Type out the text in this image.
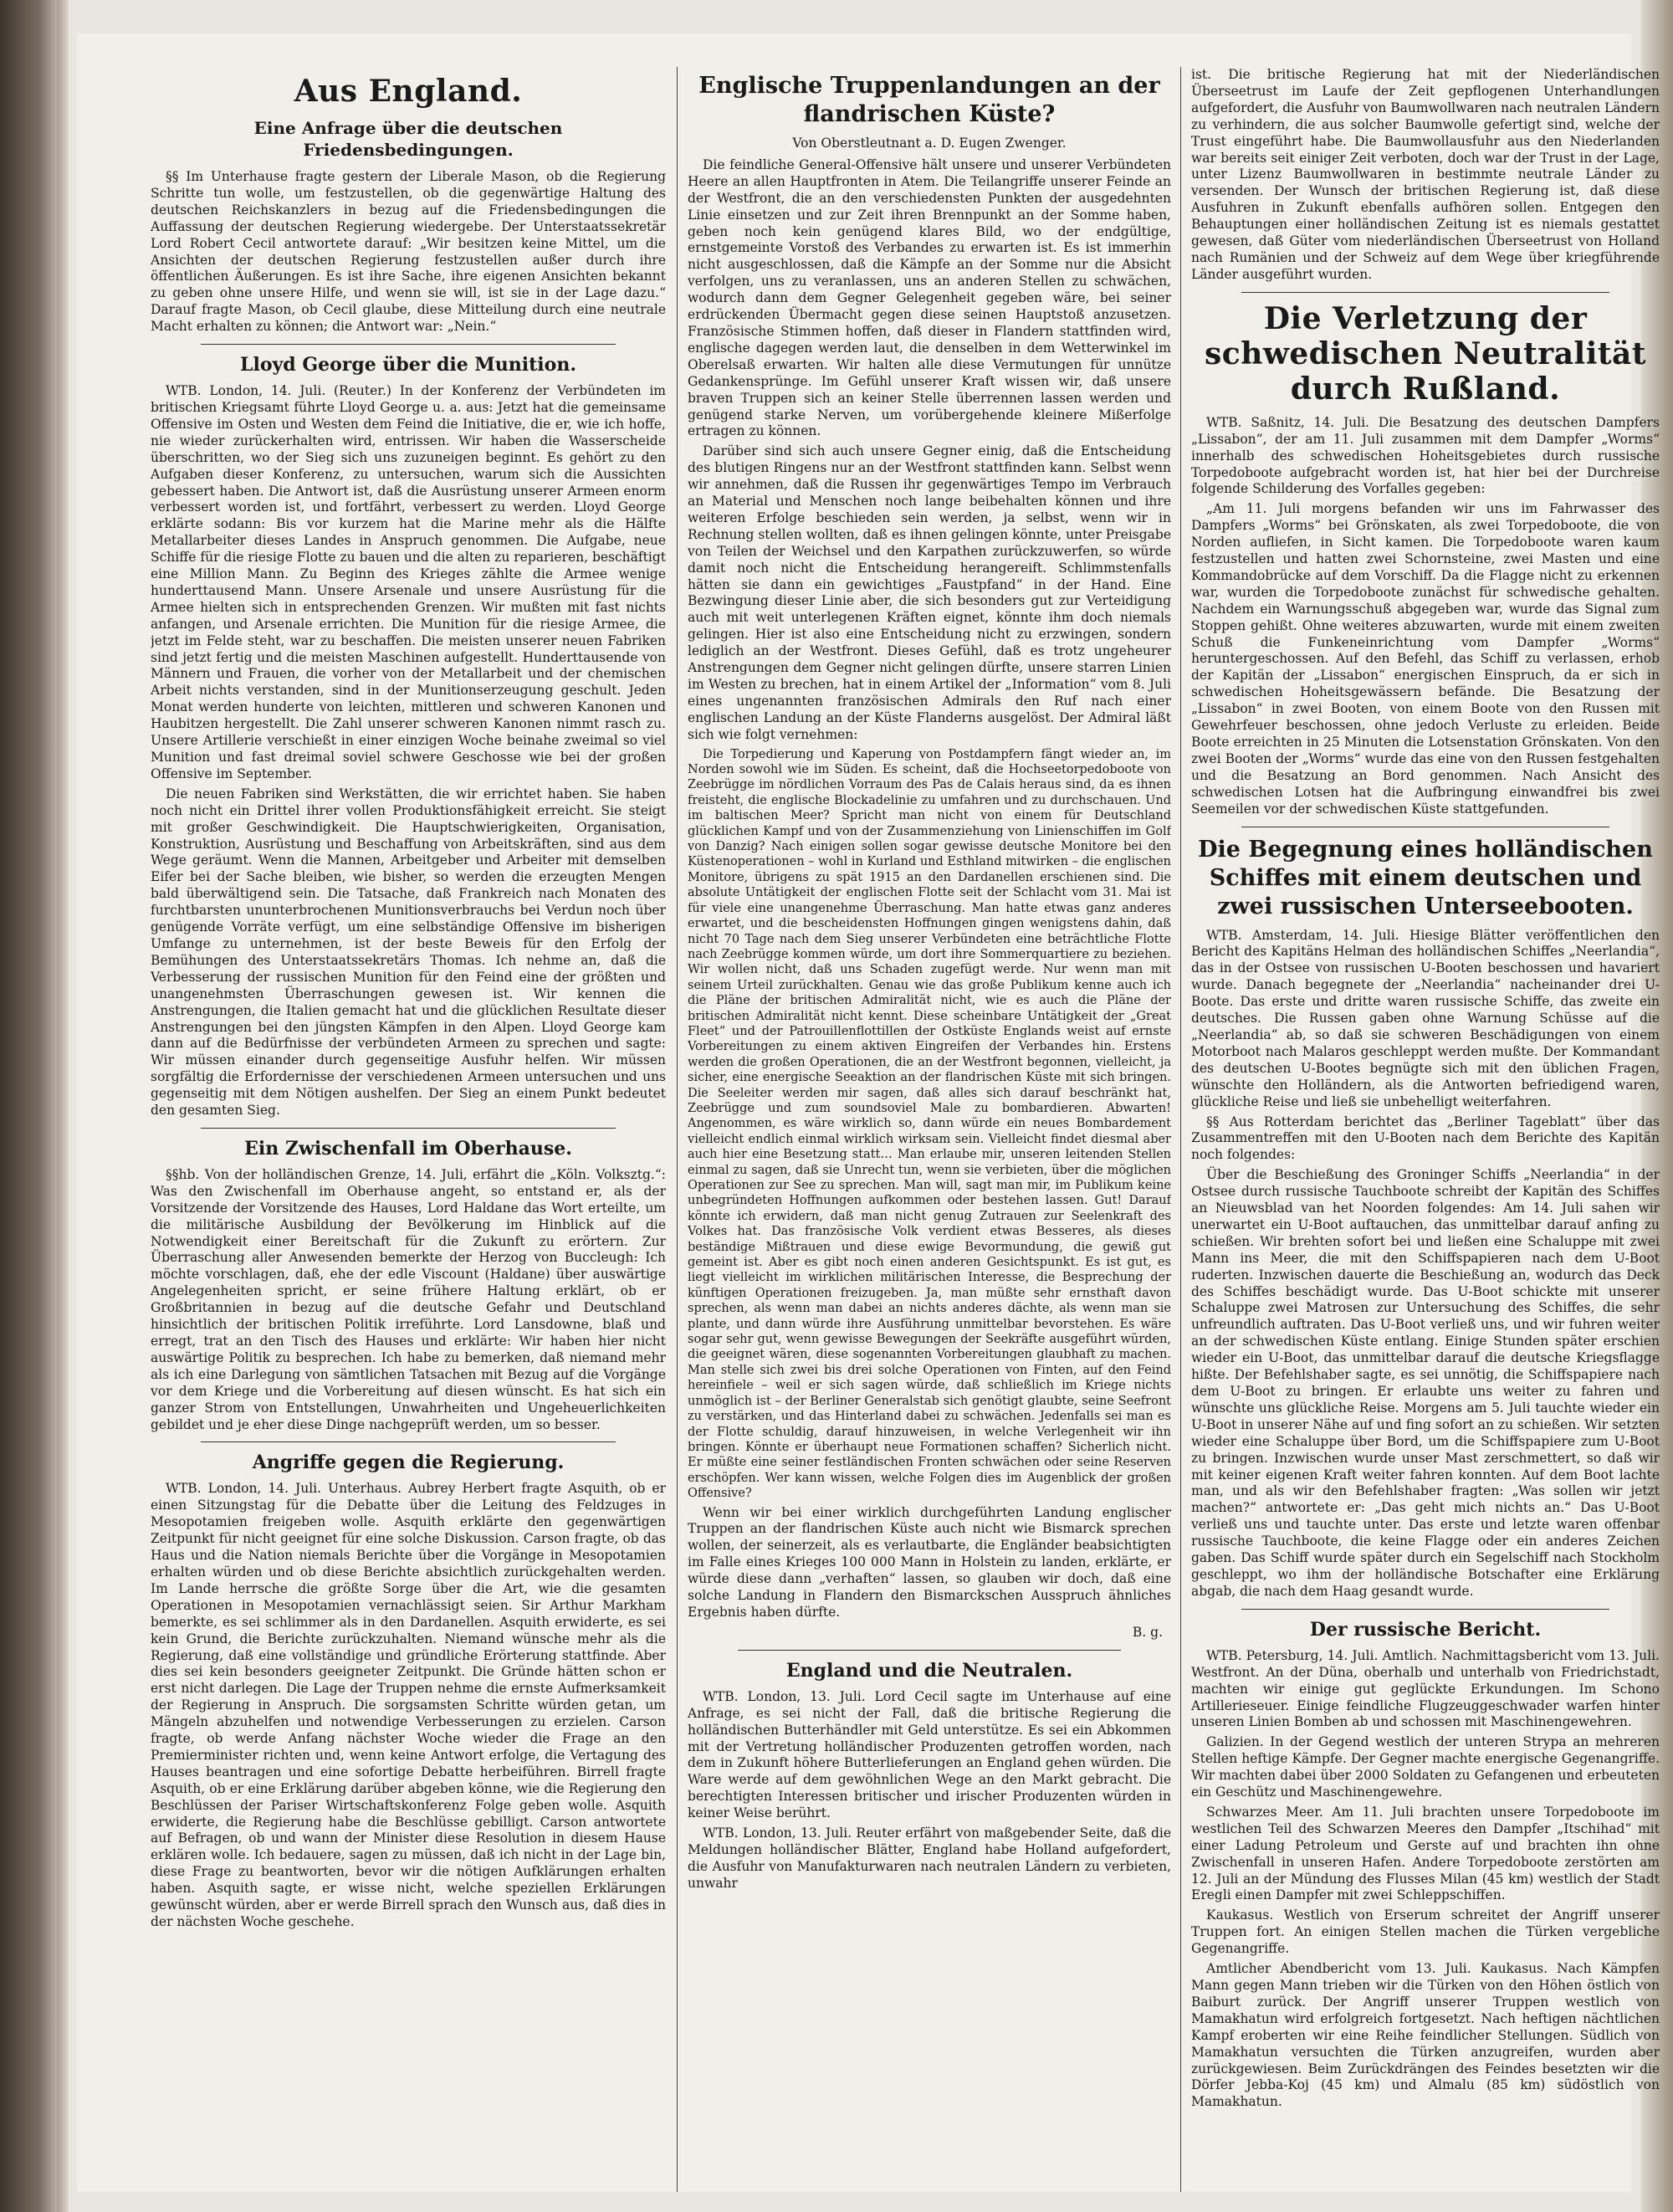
Aus England.
Eine Anfrage über die deutschen Friedensbedingungen.

§§ Im Unterhause fragte gestern der Liberale Mason, ob die Regierung Schritte tun wolle, um festzustellen, ob die gegenwärtige Haltung des deutschen Reichskanzlers in bezug auf die Friedensbedingungen die Auffassung der deutschen Regierung wiedergebe. Der Unterstaatssekretär Lord Robert Cecil antwortete darauf: „Wir besitzen keine Mittel, um die Ansichten der deutschen Regierung festzustellen außer durch ihre öffentlichen Äußerungen. Es ist ihre Sache, ihre eigenen Ansichten bekannt zu geben ohne unsere Hilfe, und wenn sie will, ist sie in der Lage dazu.“ Darauf fragte Mason, ob Cecil glaube, diese Mitteilung durch eine neutrale Macht erhalten zu können; die Antwort war: „Nein.“

Lloyd George über die Munition.

WTB. London, 14. Juli. (Reuter.) In der Konferenz der Verbündeten im britischen Kriegsamt führte Lloyd George u. a. aus: Jetzt hat die gemeinsame Offensive im Osten und Westen dem Feind die Initiative, die er, wie ich hoffe, nie wieder zurückerhalten wird, entrissen. Wir haben die Wasserscheide überschritten, wo der Sieg sich uns zuzuneigen beginnt. Es gehört zu den Aufgaben dieser Konferenz, zu untersuchen, warum sich die Aussichten gebessert haben. Die Antwort ist, daß die Ausrüstung unserer Armeen enorm verbessert worden ist, und fortfährt, verbessert zu werden. Lloyd George erklärte sodann: Bis vor kurzem hat die Marine mehr als die Hälfte Metallarbeiter dieses Landes in Anspruch genommen. Die Aufgabe, neue Schiffe für die riesige Flotte zu bauen und die alten zu reparieren, beschäftigt eine Million Mann. Zu Beginn des Krieges zählte die Armee wenige hunderttausend Mann. Unsere Arsenale und unsere Ausrüstung für die Armee hielten sich in entsprechenden Grenzen. Wir mußten mit fast nichts anfangen, und Arsenale errichten. Die Munition für die riesige Armee, die jetzt im Felde steht, war zu beschaffen. Die meisten unserer neuen Fabriken sind jetzt fertig und die meisten Maschinen aufgestellt. Hunderttausende von Männern und Frauen, die vorher von der Metallarbeit und der chemischen Arbeit nichts verstanden, sind in der Munitionserzeugung geschult. Jeden Monat werden hunderte von leichten, mittleren und schweren Kanonen und Haubitzen hergestellt. Die Zahl unserer schweren Kanonen nimmt rasch zu. Unsere Artillerie verschießt in einer einzigen Woche beinahe zweimal so viel Munition und fast dreimal soviel schwere Geschosse wie bei der großen Offensive im September.

Die neuen Fabriken sind Werkstätten, die wir errichtet haben. Sie haben noch nicht ein Drittel ihrer vollen Produktionsfähigkeit erreicht. Sie steigt mit großer Geschwindigkeit. Die Hauptschwierigkeiten, Organisation, Konstruktion, Ausrüstung und Beschaffung von Arbeitskräften, sind aus dem Wege geräumt. Wenn die Mannen, Arbeitgeber und Arbeiter mit demselben Eifer bei der Sache bleiben, wie bisher, so werden die erzeugten Mengen bald überwältigend sein. Die Tatsache, daß Frankreich nach Monaten des furchtbarsten ununterbrochenen Munitionsverbrauchs bei Verdun noch über genügende Vorräte verfügt, um eine selbständige Offensive im bisherigen Umfange zu unternehmen, ist der beste Beweis für den Erfolg der Bemühungen des Unterstaatssekretärs Thomas. Ich nehme an, daß die Verbesserung der russischen Munition für den Feind eine der größten und unangenehmsten Überraschungen gewesen ist. Wir kennen die Anstrengungen, die Italien gemacht hat und die glücklichen Resultate dieser Anstrengungen bei den jüngsten Kämpfen in den Alpen. Lloyd George kam dann auf die Bedürfnisse der verbündeten Armeen zu sprechen und sagte: Wir müssen einander durch gegenseitige Ausfuhr helfen. Wir müssen sorgfältig die Erfordernisse der verschiedenen Armeen untersuchen und uns gegenseitig mit dem Nötigen aushelfen. Der Sieg an einem Punkt bedeutet den gesamten Sieg.

Ein Zwischenfall im Oberhause.

§§hb. Von der holländischen Grenze, 14. Juli, erfährt die „Köln. Volksztg.“: Was den Zwischenfall im Oberhause angeht, so entstand er, als der Vorsitzende der Vorsitzende des Hauses, Lord Haldane das Wort erteilte, um die militärische Ausbildung der Bevölkerung im Hinblick auf die Notwendigkeit einer Bereitschaft für die Zukunft zu erörtern. Zur Überraschung aller Anwesenden bemerkte der Herzog von Buccleugh: Ich möchte vorschlagen, daß, ehe der edle Viscount (Haldane) über auswärtige Angelegenheiten spricht, er seine frühere Haltung erklärt, ob er Großbritannien in bezug auf die deutsche Gefahr und Deutschland hinsichtlich der britischen Politik irreführte. Lord Lansdowne, blaß und erregt, trat an den Tisch des Hauses und erklärte: Wir haben hier nicht auswärtige Politik zu besprechen. Ich habe zu bemerken, daß niemand mehr als ich eine Darlegung von sämtlichen Tatsachen mit Bezug auf die Vorgänge vor dem Kriege und die Vorbereitung auf diesen wünscht. Es hat sich ein ganzer Strom von Entstellungen, Unwahrheiten und Ungeheuerlichkeiten gebildet und je eher diese Dinge nachgeprüft werden, um so besser.

Angriffe gegen die Regierung.

WTB. London, 14. Juli. Unterhaus. Aubrey Herbert fragte Asquith, ob er einen Sitzungstag für die Debatte über die Leitung des Feldzuges in Mesopotamien freigeben wolle. Asquith erklärte den gegenwärtigen Zeitpunkt für nicht geeignet für eine solche Diskussion. Carson fragte, ob das Haus und die Nation niemals Berichte über die Vorgänge in Mesopotamien erhalten würden und ob diese Berichte absichtlich zurückgehalten werden. Im Lande herrsche die größte Sorge über die Art, wie die gesamten Operationen in Mesopotamien vernachlässigt seien. Sir Arthur Markham bemerkte, es sei schlimmer als in den Dardanellen. Asquith erwiderte, es sei kein Grund, die Berichte zurückzuhalten. Niemand wünsche mehr als die Regierung, daß eine vollständige und gründliche Erörterung stattfinde. Aber dies sei kein besonders geeigneter Zeitpunkt. Die Gründe hätten schon er erst nicht darlegen. Die Lage der Truppen nehme die ernste Aufmerksamkeit der Regierung in Anspruch. Die sorgsamsten Schritte würden getan, um Mängeln abzuhelfen und notwendige Verbesserungen zu erzielen. Carson fragte, ob werde Anfang nächster Woche wieder die Frage an den Premierminister richten und, wenn keine Antwort erfolge, die Vertagung des Hauses beantragen und eine sofortige Debatte herbeiführen. Birrell fragte Asquith, ob er eine Erklärung darüber abgeben könne, wie die Regierung den Beschlüssen der Pariser Wirtschaftskonferenz Folge geben wolle. Asquith erwiderte, die Regierung habe die Beschlüsse gebilligt. Carson antwortete auf Befragen, ob und wann der Minister diese Resolution in diesem Hause erklären wolle. Ich bedauere, sagen zu müssen, daß ich nicht in der Lage bin, diese Frage zu beantworten, bevor wir die nötigen Aufklärungen erhalten haben. Asquith sagte, er wisse nicht, welche speziellen Erklärungen gewünscht würden, aber er werde Birrell sprach den Wunsch aus, daß dies in der nächsten Woche geschehe.

Englische Truppenlandungen an der flandrischen Küste?
Von Oberstleutnant a. D. Eugen Zwenger.

Die feindliche General-Offensive hält unsere und unserer Verbündeten Heere an allen Hauptfronten in Atem. Die Teilangriffe unserer Feinde an der Westfront, die an den verschiedensten Punkten der ausgedehnten Linie einsetzen und zur Zeit ihren Brennpunkt an der Somme haben, geben noch kein genügend klares Bild, wo der endgültige, ernstgemeinte Vorstoß des Verbandes zu erwarten ist. Es ist immerhin nicht ausgeschlossen, daß die Kämpfe an der Somme nur die Absicht verfolgen, uns zu veranlassen, uns an anderen Stellen zu schwächen, wodurch dann dem Gegner Gelegenheit gegeben wäre, bei seiner erdrückenden Übermacht gegen diese seinen Hauptstoß anzusetzen. Französische Stimmen hoffen, daß dieser in Flandern stattfinden wird, englische dagegen werden laut, die denselben in dem Wetterwinkel im Oberelsaß erwarten. Wir halten alle diese Vermutungen für unnütze Gedankensprünge. Im Gefühl unserer Kraft wissen wir, daß unsere braven Truppen sich an keiner Stelle überrennen lassen werden und genügend starke Nerven, um vorübergehende kleinere Mißerfolge ertragen zu können.

Darüber sind sich auch unsere Gegner einig, daß die Entscheidung des blutigen Ringens nur an der Westfront stattfinden kann. Selbst wenn wir annehmen, daß die Russen ihr gegenwärtiges Tempo im Verbrauch an Material und Menschen noch lange beibehalten können und ihre weiteren Erfolge beschieden sein werden, ja selbst, wenn wir in Rechnung stellen wollten, daß es ihnen gelingen könnte, unter Preisgabe von Teilen der Weichsel und den Karpathen zurückzuwerfen, so würde damit noch nicht die Entscheidung herangereift. Schlimmstenfalls hätten sie dann ein gewichtiges „Faustpfand“ in der Hand. Eine Bezwingung dieser Linie aber, die sich besonders gut zur Verteidigung auch mit weit unterlegenen Kräften eignet, könnte ihm doch niemals gelingen. Hier ist also eine Entscheidung nicht zu erzwingen, sondern lediglich an der Westfront. Dieses Gefühl, daß es trotz ungeheurer Anstrengungen dem Gegner nicht gelingen dürfte, unsere starren Linien im Westen zu brechen, hat in einem Artikel der „Information“ vom 8. Juli eines ungenannten französischen Admirals den Ruf nach einer englischen Landung an der Küste Flanderns ausgelöst. Der Admiral läßt sich wie folgt vernehmen:

Die Torpedierung und Kaperung von Postdampfern fängt wieder an, im Norden sowohl wie im Süden. Es scheint, daß die Hochseetorpedoboote von Zeebrügge im nördlichen Vorraum des Pas de Calais heraus sind, da es ihnen freisteht, die englische Blockadelinie zu umfahren und zu durchschauen. Und im baltischen Meer? Spricht man nicht von einem für Deutschland glücklichen Kampf und von der Zusammenziehung von Linienschiffen im Golf von Danzig? Nach einigen sollen sogar gewisse deutsche Monitore bei den Küstenoperationen – wohl in Kurland und Esthland mitwirken – die englischen Monitore, übrigens zu spät 1915 an den Dardanellen erschienen sind. Die absolute Untätigkeit der englischen Flotte seit der Schlacht vom 31. Mai ist für viele eine unangenehme Überraschung. Man hatte etwas ganz anderes erwartet, und die bescheidensten Hoffnungen gingen wenigstens dahin, daß nicht 70 Tage nach dem Sieg unserer Verbündeten eine beträchtliche Flotte nach Zeebrügge kommen würde, um dort ihre Sommerquartiere zu beziehen. Wir wollen nicht, daß uns Schaden zugefügt werde. Nur wenn man mit seinem Urteil zurückhalten. Genau wie das große Publikum kenne auch ich die Pläne der britischen Admiralität nicht, wie es auch die Pläne der britischen Admiralität nicht kennt. Diese scheinbare Untätigkeit der „Great Fleet“ und der Patrouillenflottillen der Ostküste Englands weist auf ernste Vorbereitungen zu einem aktiven Eingreifen der Verbandes hin. Erstens werden die großen Operationen, die an der Westfront begonnen, vielleicht, ja sicher, eine energische Seeaktion an der flandrischen Küste mit sich bringen. Die Seeleiter werden mir sagen, daß alles sich darauf beschränkt hat, Zeebrügge und zum soundsoviel Male zu bombardieren. Abwarten! Angenommen, es wäre wirklich so, dann würde ein neues Bombardement vielleicht endlich einmal wirklich wirksam sein. Vielleicht findet diesmal aber auch hier eine Besetzung statt… Man erlaube mir, unseren leitenden Stellen einmal zu sagen, daß sie Unrecht tun, wenn sie verbieten, über die möglichen Operationen zur See zu sprechen. Man will, sagt man mir, im Publikum keine unbegründeten Hoffnungen aufkommen oder bestehen lassen. Gut! Darauf könnte ich erwidern, daß man nicht genug Zutrauen zur Seelenkraft des Volkes hat. Das französische Volk verdient etwas Besseres, als dieses beständige Mißtrauen und diese ewige Bevormundung, die gewiß gut gemeint ist. Aber es gibt noch einen anderen Gesichtspunkt. Es ist gut, es liegt vielleicht im wirklichen militärischen Interesse, die Besprechung der künftigen Operationen freizugeben. Ja, man müßte sehr ernsthaft davon sprechen, als wenn man dabei an nichts anderes dächte, als wenn man sie plante, und dann würde ihre Ausführung unmittelbar bevorstehen. Es wäre sogar sehr gut, wenn gewisse Bewegungen der Seekräfte ausgeführt würden, die geeignet wären, diese sogenannten Vorbereitungen glaubhaft zu machen. Man stelle sich zwei bis drei solche Operationen von Finten, auf den Feind hereinfiele – weil er sich sagen würde, daß schließlich im Kriege nichts unmöglich ist – der Berliner Generalstab sich genötigt glaubte, seine Seefront zu verstärken, und das Hinterland dabei zu schwächen. Jedenfalls sei man es der Flotte schuldig, darauf hinzuweisen, in welche Verlegenheit wir ihn bringen. Könnte er überhaupt neue Formationen schaffen? Sicherlich nicht. Er müßte eine seiner festländischen Fronten schwächen oder seine Reserven erschöpfen. Wer kann wissen, welche Folgen dies im Augenblick der großen Offensive?

Wenn wir bei einer wirklich durchgeführten Landung englischer Truppen an der flandrischen Küste auch nicht wie Bismarck sprechen wollen, der seinerzeit, als es verlautbarte, die Engländer beabsichtigten im Falle eines Krieges 100 000 Mann in Holstein zu landen, erklärte, er würde diese dann „verhaften“ lassen, so glauben wir doch, daß eine solche Landung in Flandern den Bismarckschen Ausspruch ähnliches Ergebnis haben dürfte.

B. g.
England und die Neutralen.

WTB. London, 13. Juli. Lord Cecil sagte im Unterhause auf eine Anfrage, es sei nicht der Fall, daß die britische Regierung die holländischen Butterhändler mit Geld unterstütze. Es sei ein Abkommen mit der Vertretung holländischer Produzenten getroffen worden, nach dem in Zukunft höhere Butterlieferungen an England gehen würden. Die Ware werde auf dem gewöhnlichen Wege an den Markt gebracht. Die berechtigten Interessen britischer und irischer Produzenten würden in keiner Weise berührt.

WTB. London, 13. Juli. Reuter erfährt von maßgebender Seite, daß die Meldungen holländischer Blätter, England habe Holland aufgefordert, die Ausfuhr von Manufakturwaren nach neutralen Ländern zu verbieten, unwahr

ist. Die britische Regierung hat mit der Niederländischen Überseetrust im Laufe der Zeit gepflogenen Unterhandlungen aufgefordert, die Ausfuhr von Baumwollwaren nach neutralen Ländern zu verhindern, die aus solcher Baumwolle gefertigt sind, welche der Trust eingeführt habe. Die Baumwollausfuhr aus den Niederlanden war bereits seit einiger Zeit verboten, doch war der Trust in der Lage, unter Lizenz Baumwollwaren in bestimmte neutrale Länder zu versenden. Der Wunsch der britischen Regierung ist, daß diese Ausfuhren in Zukunft ebenfalls aufhören sollen. Entgegen den Behauptungen einer holländischen Zeitung ist es niemals gestattet gewesen, daß Güter vom niederländischen Überseetrust von Holland nach Rumänien und der Schweiz auf dem Wege über kriegführende Länder ausgeführt wurden.

Die Verletzung der schwedischen Neutralität durch Rußland.

WTB. Saßnitz, 14. Juli. Die Besatzung des deutschen Dampfers „Lissabon“, der am 11. Juli zusammen mit dem Dampfer „Worms“ innerhalb des schwedischen Hoheitsgebietes durch russische Torpedoboote aufgebracht worden ist, hat hier bei der Durchreise folgende Schilderung des Vorfalles gegeben:

„Am 11. Juli morgens befanden wir uns im Fahrwasser des Dampfers „Worms“ bei Grönskaten, als zwei Torpedoboote, die von Norden aufliefen, in Sicht kamen. Die Torpedoboote waren kaum festzustellen und hatten zwei Schornsteine, zwei Masten und eine Kommandobrücke auf dem Vorschiff. Da die Flagge nicht zu erkennen war, wurden die Torpedoboote zunächst für schwedische gehalten. Nachdem ein Warnungsschuß abgegeben war, wurde das Signal zum Stoppen gehißt. Ohne weiteres abzuwarten, wurde mit einem zweiten Schuß die Funkeneinrichtung vom Dampfer „Worms“ heruntergeschossen. Auf den Befehl, das Schiff zu verlassen, erhob der Kapitän der „Lissabon“ energischen Einspruch, da er sich in schwedischen Hoheitsgewässern befände. Die Besatzung der „Lissabon“ in zwei Booten, von einem Boote von den Russen mit Gewehrfeuer beschossen, ohne jedoch Verluste zu erleiden. Beide Boote erreichten in 25 Minuten die Lotsenstation Grönskaten. Von den zwei Booten der „Worms“ wurde das eine von den Russen festgehalten und die Besatzung an Bord genommen. Nach Ansicht des schwedischen Lotsen hat die Aufbringung einwandfrei bis zwei Seemeilen vor der schwedischen Küste stattgefunden.

Die Begegnung eines holländischen Schiffes mit einem deutschen und zwei russischen Unterseebooten.

WTB. Amsterdam, 14. Juli. Hiesige Blätter veröffentlichen den Bericht des Kapitäns Helman des holländischen Schiffes „Neerlandia“, das in der Ostsee von russischen U-Booten beschossen und havariert wurde. Danach begegnete der „Neerlandia“ nacheinander drei U-Boote. Das erste und dritte waren russische Schiffe, das zweite ein deutsches. Die Russen gaben ohne Warnung Schüsse auf die „Neerlandia“ ab, so daß sie schweren Beschädigungen von einem Motorboot nach Malaros geschleppt werden mußte. Der Kommandant des deutschen U-Bootes begnügte sich mit den üblichen Fragen, wünschte den Holländern, als die Antworten befriedigend waren, glückliche Reise und ließ sie unbehelligt weiterfahren.

§§ Aus Rotterdam berichtet das „Berliner Tageblatt“ über das Zusammentreffen mit den U-Booten nach dem Berichte des Kapitän noch folgendes:

Über die Beschießung des Groninger Schiffs „Neerlandia“ in der Ostsee durch russische Tauchboote schreibt der Kapitän des Schiffes an Nieuwsblad van het Noorden folgendes: Am 14. Juli sahen wir unerwartet ein U-Boot auftauchen, das unmittelbar darauf anfing zu schießen. Wir brehten sofort bei und ließen eine Schaluppe mit zwei Mann ins Meer, die mit den Schiffspapieren nach dem U-Boot ruderten. Inzwischen dauerte die Beschießung an, wodurch das Deck des Schiffes beschädigt wurde. Das U-Boot schickte mit unserer Schaluppe zwei Matrosen zur Untersuchung des Schiffes, die sehr unfreundlich auftraten. Das U-Boot verließ uns, und wir fuhren weiter an der schwedischen Küste entlang. Einige Stunden später erschien wieder ein U-Boot, das unmittelbar darauf die deutsche Kriegsflagge hißte. Der Befehlshaber sagte, es sei unnötig, die Schiffspapiere nach dem U-Boot zu bringen. Er erlaubte uns weiter zu fahren und wünschte uns glückliche Reise. Morgens am 5. Juli tauchte wieder ein U-Boot in unserer Nähe auf und fing sofort an zu schießen. Wir setzten wieder eine Schaluppe über Bord, um die Schiffspapiere zum U-Boot zu bringen. Inzwischen wurde unser Mast zerschmettert, so daß wir mit keiner eigenen Kraft weiter fahren konnten. Auf dem Boot lachte man, und als wir den Befehlshaber fragten: „Was sollen wir jetzt machen?“ antwortete er: „Das geht mich nichts an.“ Das U-Boot verließ uns und tauchte unter. Das erste und letzte waren offenbar russische Tauchboote, die keine Flagge oder ein anderes Zeichen gaben. Das Schiff wurde später durch ein Segelschiff nach Stockholm geschleppt, wo ihm der holländische Botschafter eine Erklärung abgab, die nach dem Haag gesandt wurde.

Der russische Bericht.

WTB. Petersburg, 14. Juli. Amtlich. Nachmittagsbericht vom 13. Juli. Westfront. An der Düna, oberhalb und unterhalb von Friedrichstadt, machten wir einige gut geglückte Erkundungen. Im Schono Artillerieseuer. Einige feindliche Flugzeuggeschwader warfen hinter unseren Linien Bomben ab und schossen mit Maschinengewehren.

Galizien. In der Gegend westlich der unteren Strypa an mehreren Stellen heftige Kämpfe. Der Gegner machte energische Gegenangriffe. Wir machten dabei über 2000 Soldaten zu Gefangenen und erbeuteten ein Geschütz und Maschinengewehre.

Schwarzes Meer. Am 11. Juli brachten unsere Torpedoboote im westlichen Teil des Schwarzen Meeres den Dampfer „Itschihad“ mit einer Ladung Petroleum und Gerste auf und brachten ihn ohne Zwischenfall in unseren Hafen. Andere Torpedoboote zerstörten am 12. Juli an der Mündung des Flusses Milan (45 km) westlich der Stadt Eregli einen Dampfer mit zwei Schleppschiffen.

Kaukasus. Westlich von Erserum schreitet der Angriff unserer Truppen fort. An einigen Stellen machen die Türken vergebliche Gegenangriffe.

Amtlicher Abendbericht vom 13. Juli. Kaukasus. Nach Kämpfen Mann gegen Mann trieben wir die Türken von den Höhen östlich von Baiburt zurück. Der Angriff unserer Truppen westlich von Mamakhatun wird erfolgreich fortgesetzt. Nach heftigen nächtlichen Kampf eroberten wir eine Reihe feindlicher Stellungen. Südlich von Mamakhatun versuchten die Türken anzugreifen, wurden aber zurückgewiesen. Beim Zurückdrängen des Feindes besetzten wir die Dörfer Jebba-Koj (45 km) und Almalu (85 km) südöstlich von Mamakhatun.
